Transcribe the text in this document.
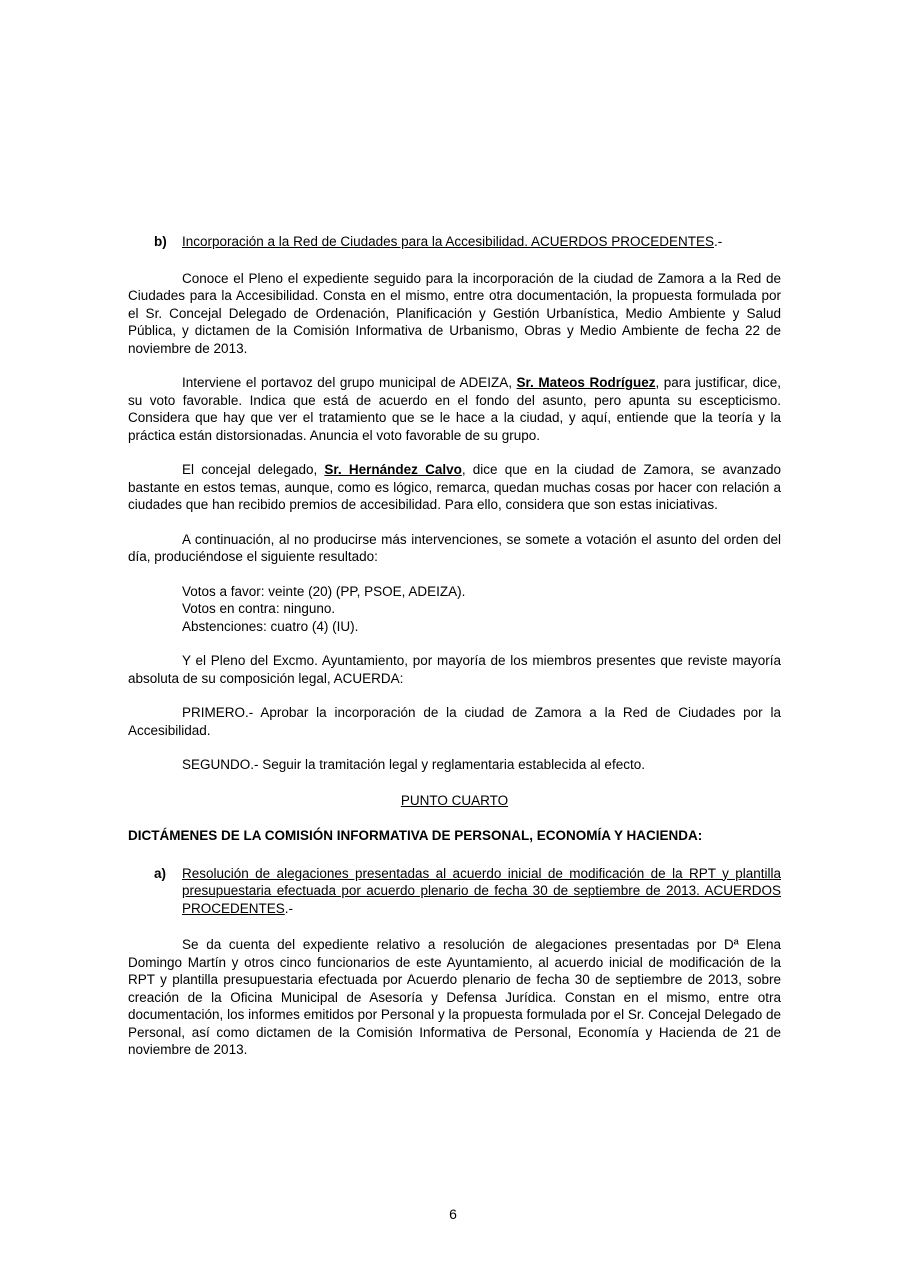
b)	Incorporación a la Red de Ciudades para la Accesibilidad. ACUERDOS PROCEDENTES.-

Conoce el Pleno el expediente seguido para la incorporación de la ciudad de Zamora a la Red de Ciudades para la Accesibilidad. Consta en el mismo, entre otra documentación, la propuesta formulada por el Sr. Concejal Delegado de Ordenación, Planificación y Gestión Urbanística, Medio Ambiente y Salud Pública, y dictamen de la Comisión Informativa de Urbanismo, Obras y Medio Ambiente de fecha 22 de noviembre de 2013.

Interviene el portavoz del grupo municipal de ADEIZA, Sr. Mateos Rodríguez, para justificar, dice, su voto favorable. Indica que está de acuerdo en el fondo del asunto, pero apunta su escepticismo. Considera que hay que ver el tratamiento que se le hace a la ciudad, y aquí, entiende que la teoría y la práctica están distorsionadas. Anuncia el voto favorable de su grupo.

El concejal delegado, Sr. Hernández Calvo, dice que en la ciudad de Zamora, se avanzado bastante en estos temas, aunque, como es lógico, remarca, quedan muchas cosas por hacer con relación a ciudades que han recibido premios de accesibilidad. Para ello, considera que son estas iniciativas.

A continuación, al no producirse más intervenciones, se somete a votación el asunto del orden del día, produciéndose el siguiente resultado:

Votos a favor: veinte (20) (PP, PSOE, ADEIZA).
Votos en contra: ninguno.
Abstenciones: cuatro (4) (IU).

Y el Pleno del Excmo. Ayuntamiento, por mayoría de los miembros presentes que reviste mayoría absoluta de su composición legal, ACUERDA:

PRIMERO.- Aprobar la incorporación de la ciudad de Zamora a la Red de Ciudades por la Accesibilidad.

SEGUNDO.- Seguir la tramitación legal y reglamentaria establecida al efecto.

PUNTO CUARTO
DICTÁMENES DE LA COMISIÓN INFORMATIVA DE PERSONAL, ECONOMÍA Y HACIENDA:
a)	Resolución de alegaciones presentadas al acuerdo inicial de modificación de la RPT y plantilla presupuestaria efectuada por acuerdo plenario de fecha 30 de septiembre de 2013. ACUERDOS PROCEDENTES.-

Se da cuenta del expediente relativo a resolución de alegaciones presentadas por Dª Elena Domingo Martín y otros cinco funcionarios de este Ayuntamiento, al acuerdo inicial de modificación de la RPT y plantilla presupuestaria efectuada por Acuerdo plenario de fecha 30 de septiembre de 2013, sobre creación de la Oficina Municipal de Asesoría y Defensa Jurídica. Constan en el mismo, entre otra documentación, los informes emitidos por Personal y la propuesta formulada por el Sr. Concejal Delegado de Personal, así como dictamen de la Comisión Informativa de Personal, Economía y Hacienda de 21 de noviembre de 2013.

6
